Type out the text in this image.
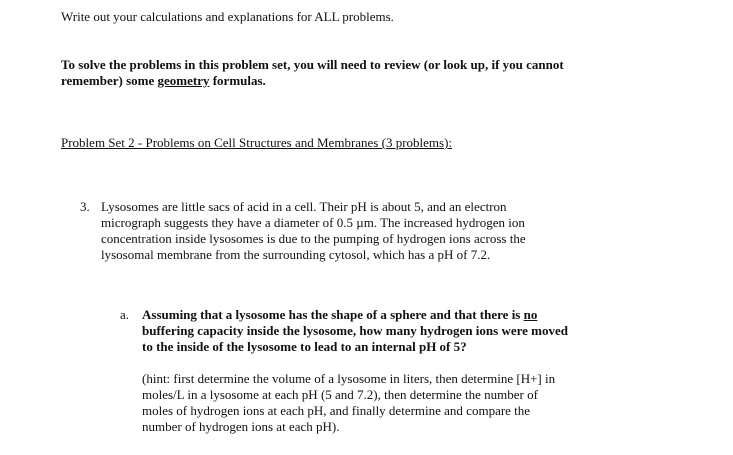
Write out your calculations and explanations for ALL problems.
To solve the problems in this problem set, you will need to review (or look up, if you cannot
remember) some geometry formulas.
Problem Set 2 - Problems on Cell Structures and Membranes (3 problems):
3. Lysosomes are little sacs of acid in a cell. Their pH is about 5, and an electron
micrograph suggests they have a diameter of 0.5 µm. The increased hydrogen ion
concentration inside lysosomes is due to the pumping of hydrogen ions across the
lysosomal membrane from the surrounding cytosol, which has a pH of 7.2.
a. Assuming that a lysosome has the shape of a sphere and that there is no
buffering capacity inside the lysosome, how many hydrogen ions were moved
to the inside of the lysosome to lead to an internal pH of 5?
(hint: first determine the volume of a lysosome in liters, then determine [H+] in
moles/L in a lysosome at each pH (5 and 7.2), then determine the number of
moles of hydrogen ions at each pH, and finally determine and compare the
number of hydrogen ions at each pH).
